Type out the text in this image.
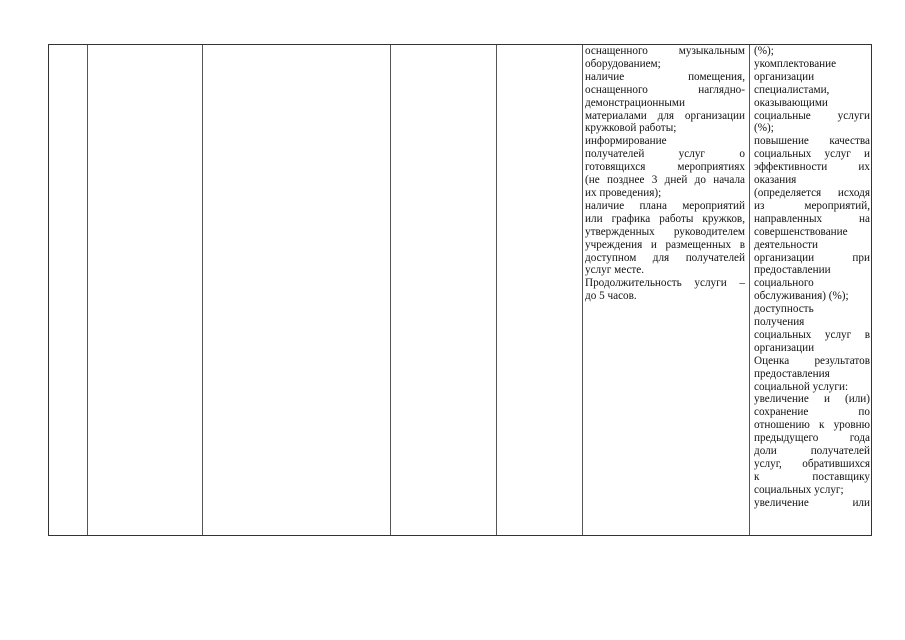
оснащенного музыкальным

оборудованием;

наличие помещения,

оснащенного наглядно-

демонстрационными

материалами для организации

кружковой работы;

информирование

получателей услуг о

готовящихся мероприятиях

(не позднее 3 дней до начала

их проведения);

наличие плана мероприятий

или графика работы кружков,

утвержденных руководителем

учреждения и размещенных в

доступном для получателей

услуг месте.

Продолжительность услуги –

до 5 часов.

(%);

укомплектование

организации

специалистами,

оказывающими

социальные услуги

(%);

повышение качества

социальных услуг и

эффективности их

оказания

(определяется исходя

из мероприятий,

направленных на

совершенствование

деятельности

организации при

предоставлении

социального

обслуживания) (%);

доступность

получения

социальных услуг в

организации

Оценка результатов

предоставления

социальной услуги:

увеличение и (или)

сохранение по

отношению к уровню

предыдущего года

доли получателей

услуг, обратившихся

к поставщику

социальных услуг;

увеличение или
